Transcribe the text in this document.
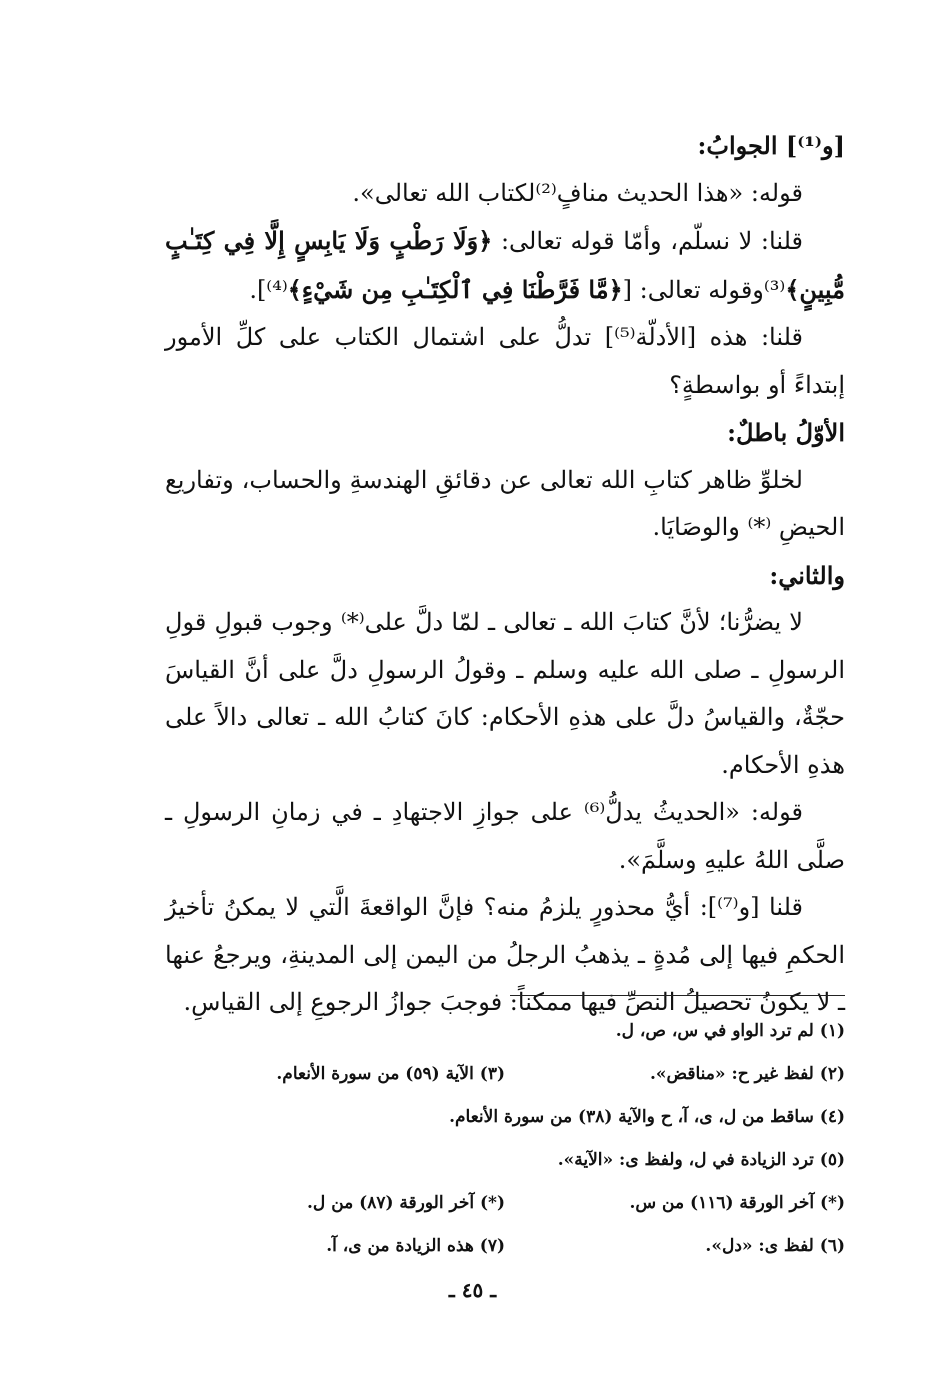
[و⁽¹⁾] الجوابُ:

قوله: «هذا الحديث منافٍ⁽²⁾لكتاب الله تعالى».

قلنا: لا نسلّم، وأمّا قوله تعالى: ﴿وَلَا رَطْبٍ وَلَا يَابِسٍ إِلَّا فِي كِتَـٰبٍ مُّبِينٍ﴾⁽³⁾وقوله تعالى: [﴿مَّا فَرَّطْنَا فِي ٱلْكِتَـٰبِ مِن شَيْءٍ﴾⁽⁴⁾].

قلنا: هذه [الأدلّة⁽⁵⁾] تدلُّ على اشتمال الكتاب على كلِّ الأمور إبتداءً أو بواسطةٍ؟

الأوّلُ باطلٌ:

لخلوِّ ظاهر كتابِ الله تعالى عن دقائقِ الهندسةِ والحساب، وتفاريع الحيضِ ⁽*⁾ والوصَايَا.

والثاني:

لا يضرُّنا؛ لأنَّ كتابَ الله ـ تعالى ـ لمّا دلَّ على⁽*⁾ وجوب قبولِ قولِ الرسولِ ـ صلى الله عليه وسلم ـ وقولُ الرسولِ دلَّ على أنَّ القياسَ حجّةٌ، والقياسُ دلَّ على هذهِ الأحكام: كانَ كتابُ الله ـ تعالى دالاً على هذهِ الأحكام.

قوله: «الحديثُ يدلُّ⁽⁶⁾ على جوازِ الاجتهادِ ـ في زمانِ الرسولِ ـ صلَّى اللهُ عليهِ وسلَّمَ».

قلنا [و⁽⁷⁾]: أيُّ محذورٍ يلزمُ منه؟ فإنَّ الواقعةَ الَّتي لا يمكنُ تأخيرُ الحكمِ فيها إلى مُدةٍ ـ يذهبُ الرجلُ من اليمن إلى المدينةِ، ويرجعُ عنها ـ لا يكونُ تحصيلُ النصِّ فيها ممكناً: فوجبَ جوازُ الرجوعِ إلى القياسِ.

(١) لم ترد الواو في س، ص، ل.
(٢) لفظ غير ح: «مناقض».
(٣) الآية (٥٩) من سورة الأنعام.
(٤) ساقط من ل، ى، آ، ح والآية (٣٨) من سورة الأنعام.
(٥) ترد الزيادة في ل، ولفظ ى: «الآية».
(*) آخر الورقة (١١٦) من س.
(*) آخر الورقة (٨٧) من ل.
(٦) لفظ ى: «دل».
(٧) هذه الزيادة من ى، آ.
ـ ٤٥ ـ
